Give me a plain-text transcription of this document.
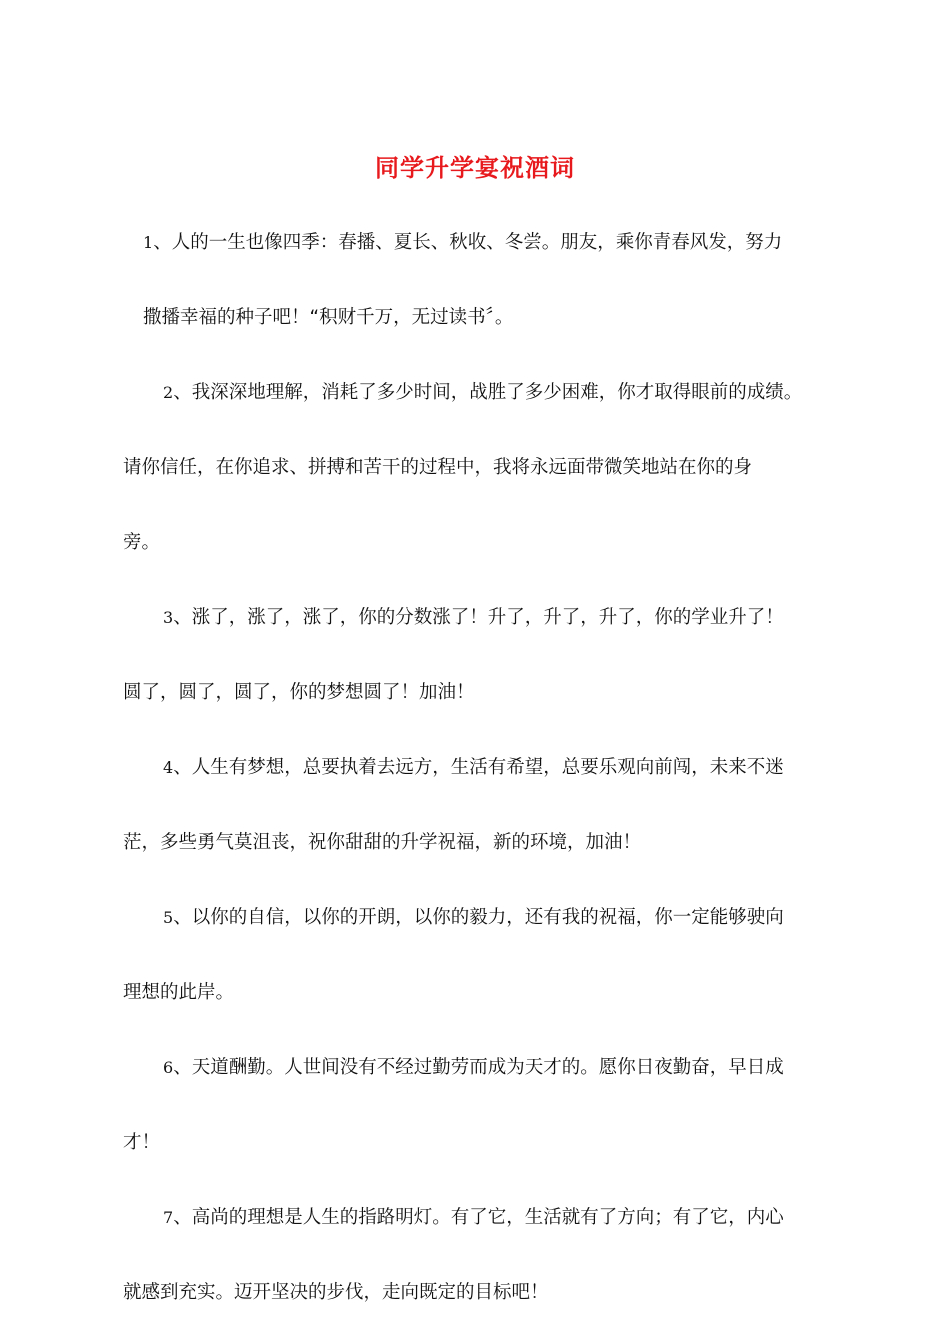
同学升学宴祝酒词

1、人的一生也像四季：春播、夏长、秋收、冬尝。朋友，乘你青春风发，努力
撒播幸福的种子吧！“积财千万，无过读书〞。

2、我深深地理解，消耗了多少时间，战胜了多少困难，你才取得眼前的成绩。
请你信任，在你追求、拼搏和苦干的过程中，我将永远面带微笑地站在你的身
旁。

3、涨了，涨了，涨了，你的分数涨了！升了，升了，升了，你的学业升了！
圆了，圆了，圆了，你的梦想圆了！加油！

4、人生有梦想，总要执着去远方，生活有希望，总要乐观向前闯，未来不迷
茫，多些勇气莫沮丧，祝你甜甜的升学祝福，新的环境，加油！

5、以你的自信，以你的开朗，以你的毅力，还有我的祝福，你一定能够驶向
理想的此岸。

6、天道酬勤。人世间没有不经过勤劳而成为天才的。愿你日夜勤奋，早日成
才！

7、高尚的理想是人生的指路明灯。有了它，生活就有了方向；有了它，内心
就感到充实。迈开坚决的步伐，走向既定的目标吧！
